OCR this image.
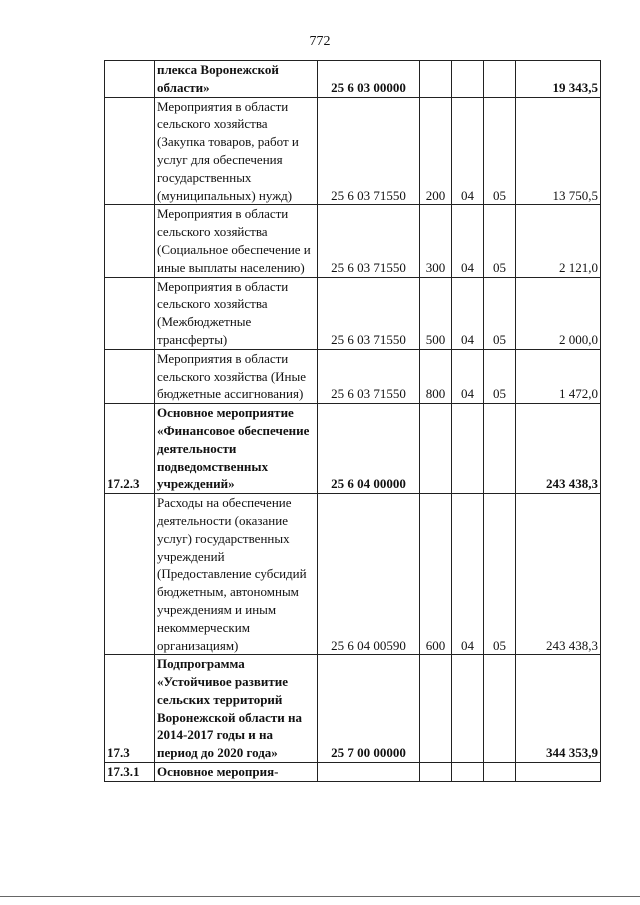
772
	плекса Воронежской области»	25 6 03 00000				19 343,5
	Мероприятия в области сельского хозяйства (Закупка товаров, работ и услуг для обеспечения государственных (муниципальных) нужд)	25 6 03 71550	200	04	05	13 750,5
	Мероприятия в области сельского хозяйства (Социальное обеспечение и иные выплаты населению)	25 6 03 71550	300	04	05	2 121,0
	Мероприятия в области сельского хозяйства (Межбюджетные трансферты)	25 6 03 71550	500	04	05	2 000,0
	Мероприятия в области сельского хозяйства (Иные бюджетные ассигнования)	25 6 03 71550	800	04	05	1 472,0
17.2.3	Основное мероприятие «Финансовое обеспечение деятельности подведомственных учреждений»	25 6 04 00000				243 438,3
	Расходы на обеспечение деятельности (оказание услуг) государственных учреждений (Предоставление субсидий бюджетным, автономным учреждениям и иным некоммерческим организациям)	25 6 04 00590	600	04	05	243 438,3
17.3	Подпрограмма «Устойчивое развитие сельских территорий Воронежской области на 2014-2017 годы и на период до 2020 года»	25 7 00 00000				344 353,9
17.3.1	Основное мероприя-					
